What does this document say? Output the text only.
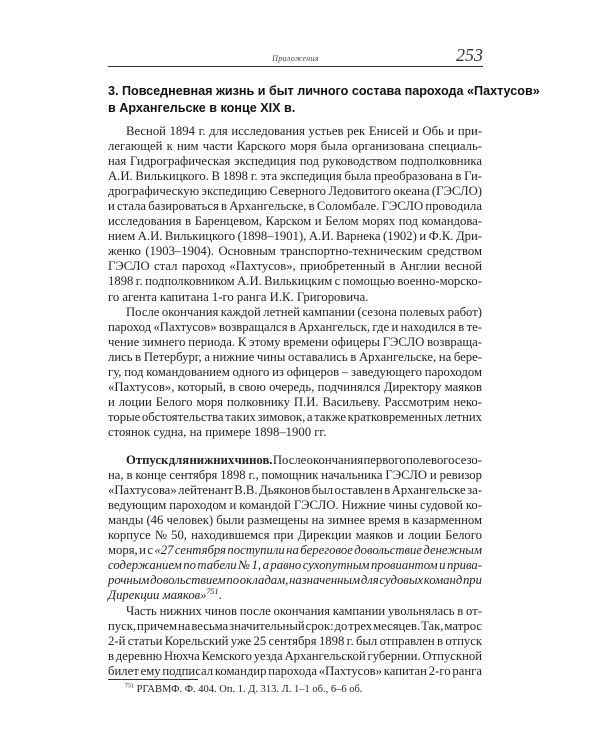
Приложения	253
3. Повседневная жизнь и быт личного состава парохода «Пахтусов»
в Архангельске в конце XIX в.
Весной 1894 г. для исследования устьев рек Енисей и Обь и при-
легающей к ним части Карского моря была организована специаль-
ная Гидрографическая экспедиция под руководством подполковника
А.И. Вилькицкого. В 1898 г. эта экспедиция была преобразована в Ги-
дрографическую экспедицию Северного Ледовитого океана (ГЭСЛО)
и стала базироваться в Архангельске, в Соломбале. ГЭСЛО проводила
исследования в Баренцевом, Карском и Белом морях под командова-
нием А.И. Вилькицкого (1898–1901), А.И. Варнека (1902) и Ф.К. Дри-
женко (1903–1904). Основным транспортно-техническим средством
ГЭСЛО стал пароход «Пахтусов», приобретенный в Англии весной
1898 г. подполковником А.И. Вилькицким с помощью военно-морско-
го агента капитана 1-го ранга И.К. Григоровича.
После окончания каждой летней кампании (сезона полевых работ)
пароход «Пахтусов» возвращался в Архангельск, где и находился в те-
чение зимнего периода. К этому времени офицеры ГЭСЛО возвраща-
лись в Петербург, а нижние чины оставались в Архангельске, на бере-
гу, под командованием одного из офицеров – заведующего пароходом
«Пахтусов», который, в свою очередь, подчинялся Директору маяков
и лоции Белого моря полковнику П.И. Васильеву. Рассмотрим неко-
торые обстоятельства таких зимовок, а также кратковременных летних
стоянок судна, на примере 1898–1900 гг.
Отпуск для нижних чинов. После окончания первого полевого сезо-
на, в конце сентября 1898 г., помощник начальника ГЭСЛО и ревизор
«Пахтусова» лейтенант В.В. Дьяконов был оставлен в Архангельске за-
ведующим пароходом и командой ГЭСЛО. Нижние чины судовой ко-
манды (46 человек) были размещены на зимнее время в казарменном
корпусе № 50, находившемся при Дирекции маяков и лоции Белого
моря, и с «27 сентября поступили на береговое довольствие денежным
содержанием по табели № 1, а равно сухопутным провиантом и прива-
рочным довольствием по окладам, назначенным для судовых команд при
Дирекции маяков»$^{751}$.
Часть нижних чинов после окончания кампании увольнялась в от-
пуск, причем на весьма значительный срок: до трех месяцев. Так, матрос
2-й статьи Корельский уже 25 сентября 1898 г. был отправлен в отпуск
в деревню Нюхча Кемского уезда Архангельской губернии. Отпускной
билет ему подписал командир парохода «Пахтусов» капитан 2-го ранга
$^{751}$ РГАВМФ. Ф. 404. Оп. 1. Д. 313. Л. 1–1 об., 6–6 об.
